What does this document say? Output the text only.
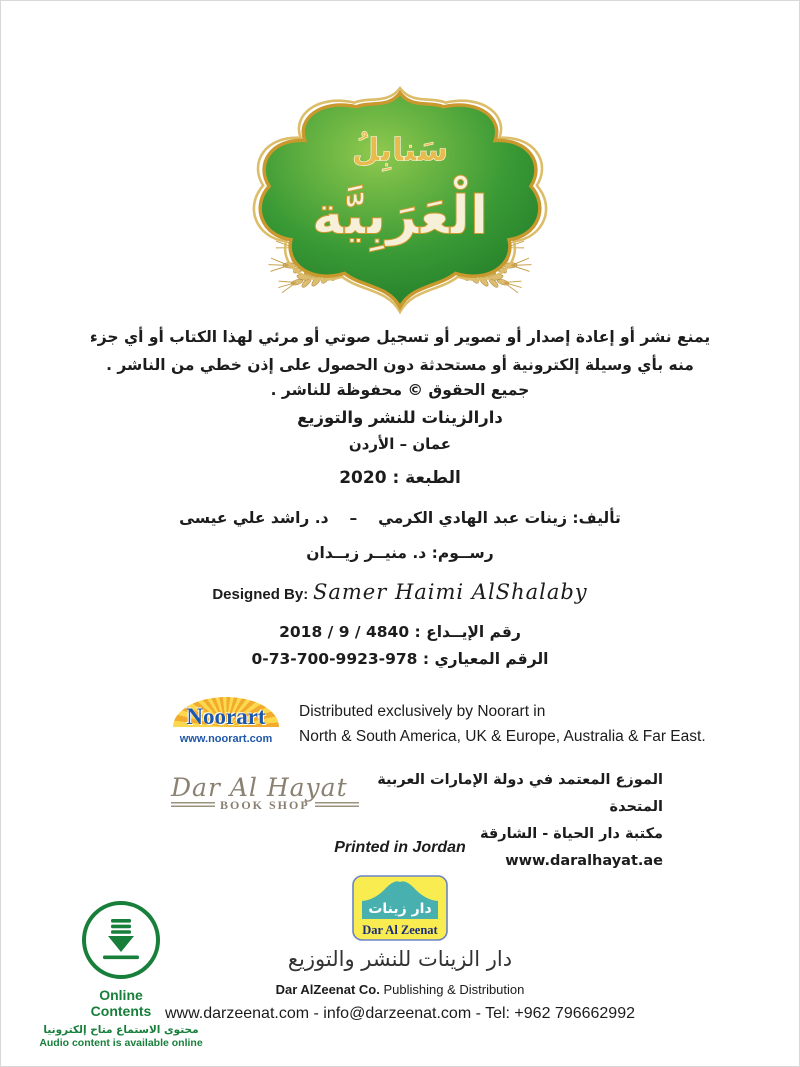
سَنابِلُ
الْعَرَبِيَّة
يمنع نشر أو إعادة إصدار أو تصوير أو تسجيل صوتي أو مرئي لهذا الكتاب أو أي جزء
منه بأي وسيلة إلكترونية أو مستحدثة دون الحصول على إذن خطي من الناشر .
جميع الحقوق © محفوظة للناشر .
دارالزينات للنشر والتوزيع
عمان – الأردن
الطبعة : 2020
تأليف: زينات عبد الهادي الكرمي  –  د. راشد علي عيسى
رســوم: د. منيــر زيــدان
Designed By: Samer Haimi AlShalaby
رقم الإيــداع : 4840 / 9 / 2018
الرقم المعياري : 978-9923-700-73-0
Noorart
www.noorart.com
Distributed exclusively by Noorart in
North & South America, UK & Europe, Australia & Far East.
Dar Al Hayat
BOOK SHOP
الموزع المعتمد في دولة الإمارات العربية المتحدة
مكتبة دار الحياة - الشارقة www.daralhayat.ae
Printed in Jordan
دار زينات
Dar Al Zeenat
دار الزينات للنشر والتوزيع
Dar AlZeenat Co. Publishing & Distribution
www.darzeenat.com - info@darzeenat.com - Tel: +962 796662992
Online
Contents
محتوى الاستماع متاح إلكترونيا
Audio content is available online
